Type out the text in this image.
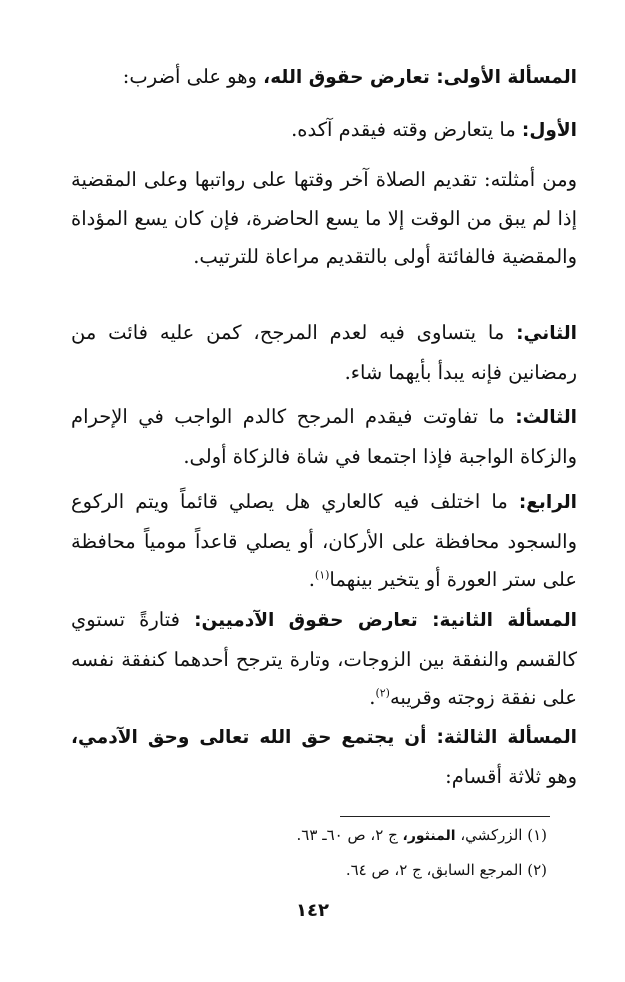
المسألة الأولى: تعارض حقوق الله، وهو على أضرب:
الأول: ما يتعارض وقته فيقدم آكده.
ومن أمثلته: تقديم الصلاة آخر وقتها على رواتبها وعلى المقضية إذا لم يبق من الوقت إلا ما يسع الحاضرة، فإن كان يسع المؤداة والمقضية فالفائتة أولى بالتقديم مراعاة للترتيب.
الثاني: ما يتساوى فيه لعدم المرجح، كمن عليه فائت من رمضانين فإنه يبدأ بأيهما شاء.
الثالث: ما تفاوتت فيقدم المرجح كالدم الواجب في الإحرام والزكاة الواجبة فإذا اجتمعا في شاة فالزكاة أولى.
الرابع: ما اختلف فيه كالعاري هل يصلي قائماً ويتم الركوع والسجود محافظة على الأركان، أو يصلي قاعداً مومياً محافظة على ستر العورة أو يتخير بينهما$^{(١)}$.
المسألة الثانية: تعارض حقوق الآدميين: فتارةً تستوي كالقسم والنفقة بين الزوجات، وتارة يترجح أحدهما كنفقة نفسه على نفقة زوجته وقريبه$^{(٢)}$.
المسألة الثالثة: أن يجتمع حق الله تعالى وحق الآدمي، وهو ثلاثة أقسام:
(١) الزركشي، المنثور، ج ٢، ص ٦٠ـ ٦٣.
(٢) المرجع السابق، ج ٢، ص ٦٤.
١٤٢
